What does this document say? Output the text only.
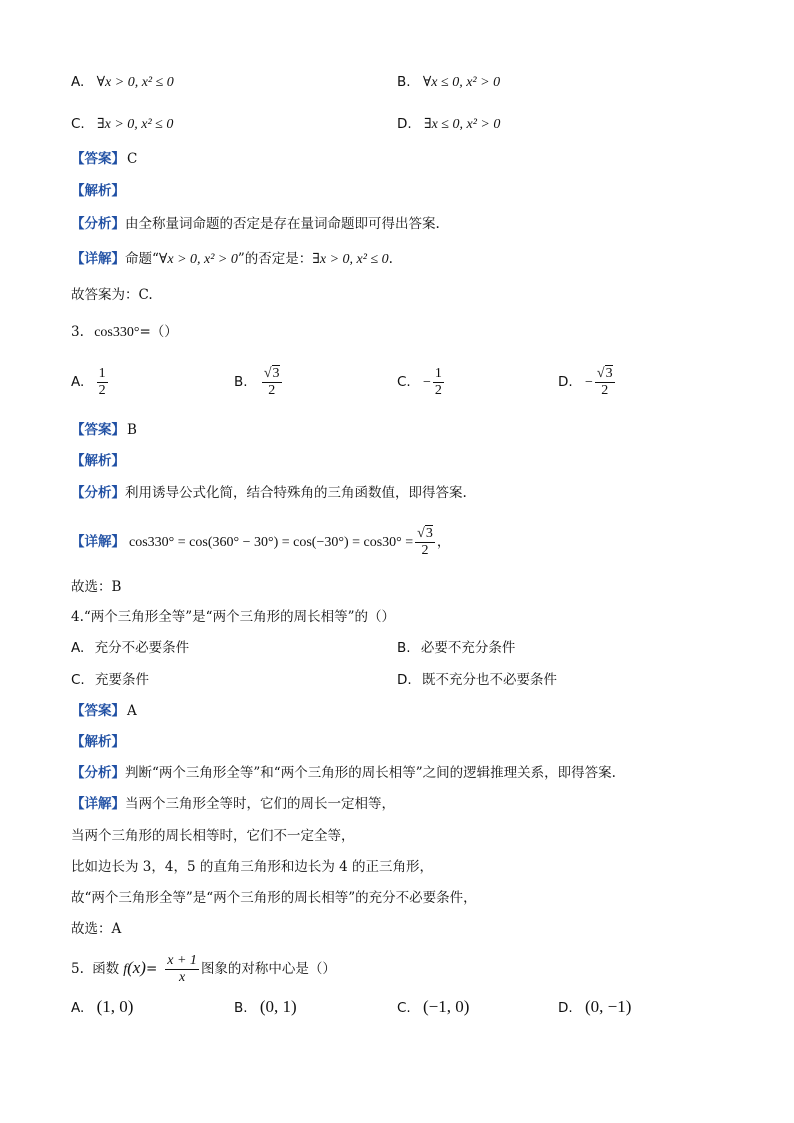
A. ∀x > 0, x² ≤ 0	B. ∀x ≤ 0, x² > 0
C. ∃x > 0, x² ≤ 0	D. ∃x ≤ 0, x² > 0
【答案】 C
【解析】
【分析】由全称量词命题的否定是存在量词命题即可得出答案.
【详解】命题“∀x > 0, x² > 0”的否定是：∃x > 0, x² ≤ 0.
故答案为：C.
3. cos330°=（）
A. $\frac{1}{2}$	B. $\frac{√3}{2}$	C. − $\frac{1}{2}$	D. − $\frac{√3}{2}$
【答案】 B
【解析】
【分析】利用诱导公式化简，结合特殊角的三角函数值，即得答案.
【详解】 $\cos 330^\circ = \cos(360^\circ - 30^\circ) = \cos(-30^\circ) = \cos 30^\circ = \frac{√3}{2}$ ，
故选：B
4.“两个三角形全等”是“两个三角形的周长相等”的（）
A. 充分不必要条件	B. 必要不充分条件
C. 充要条件	D. 既不充分也不必要条件
【答案】 A
【解析】
【分析】判断“两个三角形全等”和“两个三角形的周长相等”之间的逻辑推理关系，即得答案.
【详解】当两个三角形全等时，它们的周长一定相等，
当两个三角形的周长相等时，它们不一定全等，
比如边长为 3，4，5 的直角三角形和边长为 4 的正三角形，
故“两个三角形全等”是“两个三角形的周长相等”的充分不必要条件，
故选：A
5. 函数 $f(x)= \frac{x + 1}{x}$ 图象的对称中心是（）
A. (1, 0)	B. (0, 1)	C. (−1, 0)	D. (0, −1)
